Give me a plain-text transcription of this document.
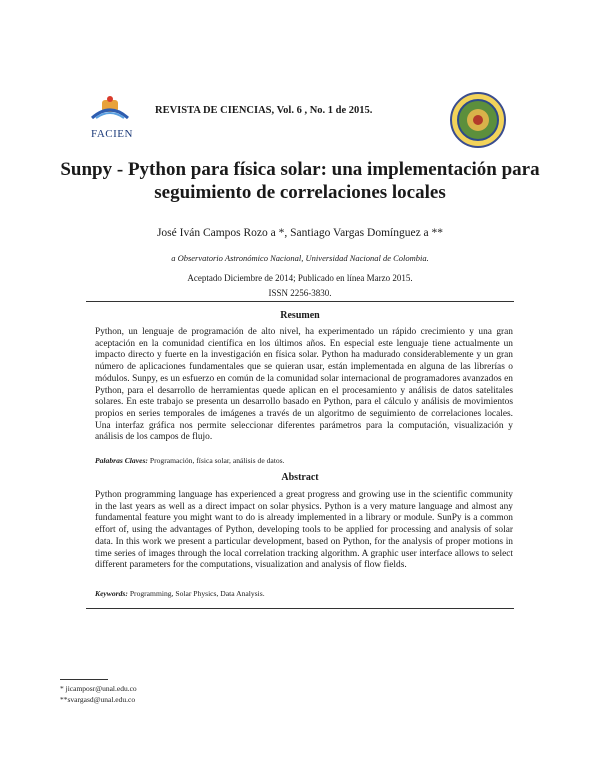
FACIEN
REVISTA DE CIENCIAS, Vol. 6 , No. 1 de 2015.
Sunpy - Python para física solar: una implementación para seguimiento de correlaciones locales
José Iván Campos Rozo a *, Santiago Vargas Domínguez a **
a Observatorio Astronómico Nacional, Universidad Nacional de Colombia.
Aceptado Diciembre de 2014; Publicado en línea Marzo 2015.
ISSN 2256-3830.
Resumen
Python, un lenguaje de programación de alto nivel, ha experimentado un rápido crecimiento y una gran aceptación en la comunidad científica en los últimos años. En especial este lenguaje tiene actualmente un impacto directo y fuerte en la investigación en física solar. Python ha madurado considerablemente y un gran número de aplicaciones fundamentales que se quieran usar, están implementada en alguna de las librerías o módulos. Sunpy, es un esfuerzo en común de la comunidad solar internacional de programadores avanzados en Python, para el desarrollo de herramientas quede aplican en el procesamiento y análisis de datos satelitales solares. En este trabajo se presenta un desarrollo basado en Python, para el cálculo y análisis de movimientos propios en series temporales de imágenes a través de un algoritmo de seguimiento de correlaciones locales. Una interfaz gráfica nos permite seleccionar diferentes parámetros para la computación, visualización y análisis de los campos de flujo.
Palabras Claves: Programación, física solar, análisis de datos.
Abstract
Python programming language has experienced a great progress and growing use in the scientific community in the last years as well as a direct impact on solar physics. Python is a very mature language and almost any fundamental feature you might want to do is already implemented in a library or module. SunPy is a common effort of, using the advantages of Python, developing tools to be applied for processing and analysis of solar data. In this work we present a particular development, based on Python, for the analysis of proper motions in time series of images through the local correlation tracking algorithm. A graphic user interface allows to select different parameters for the computations, visualization and analysis of flow fields.
Keywords: Programming, Solar Physics, Data Analysis.
* jicamposr@unal.edu.co
**svargasd@unal.edu.co
